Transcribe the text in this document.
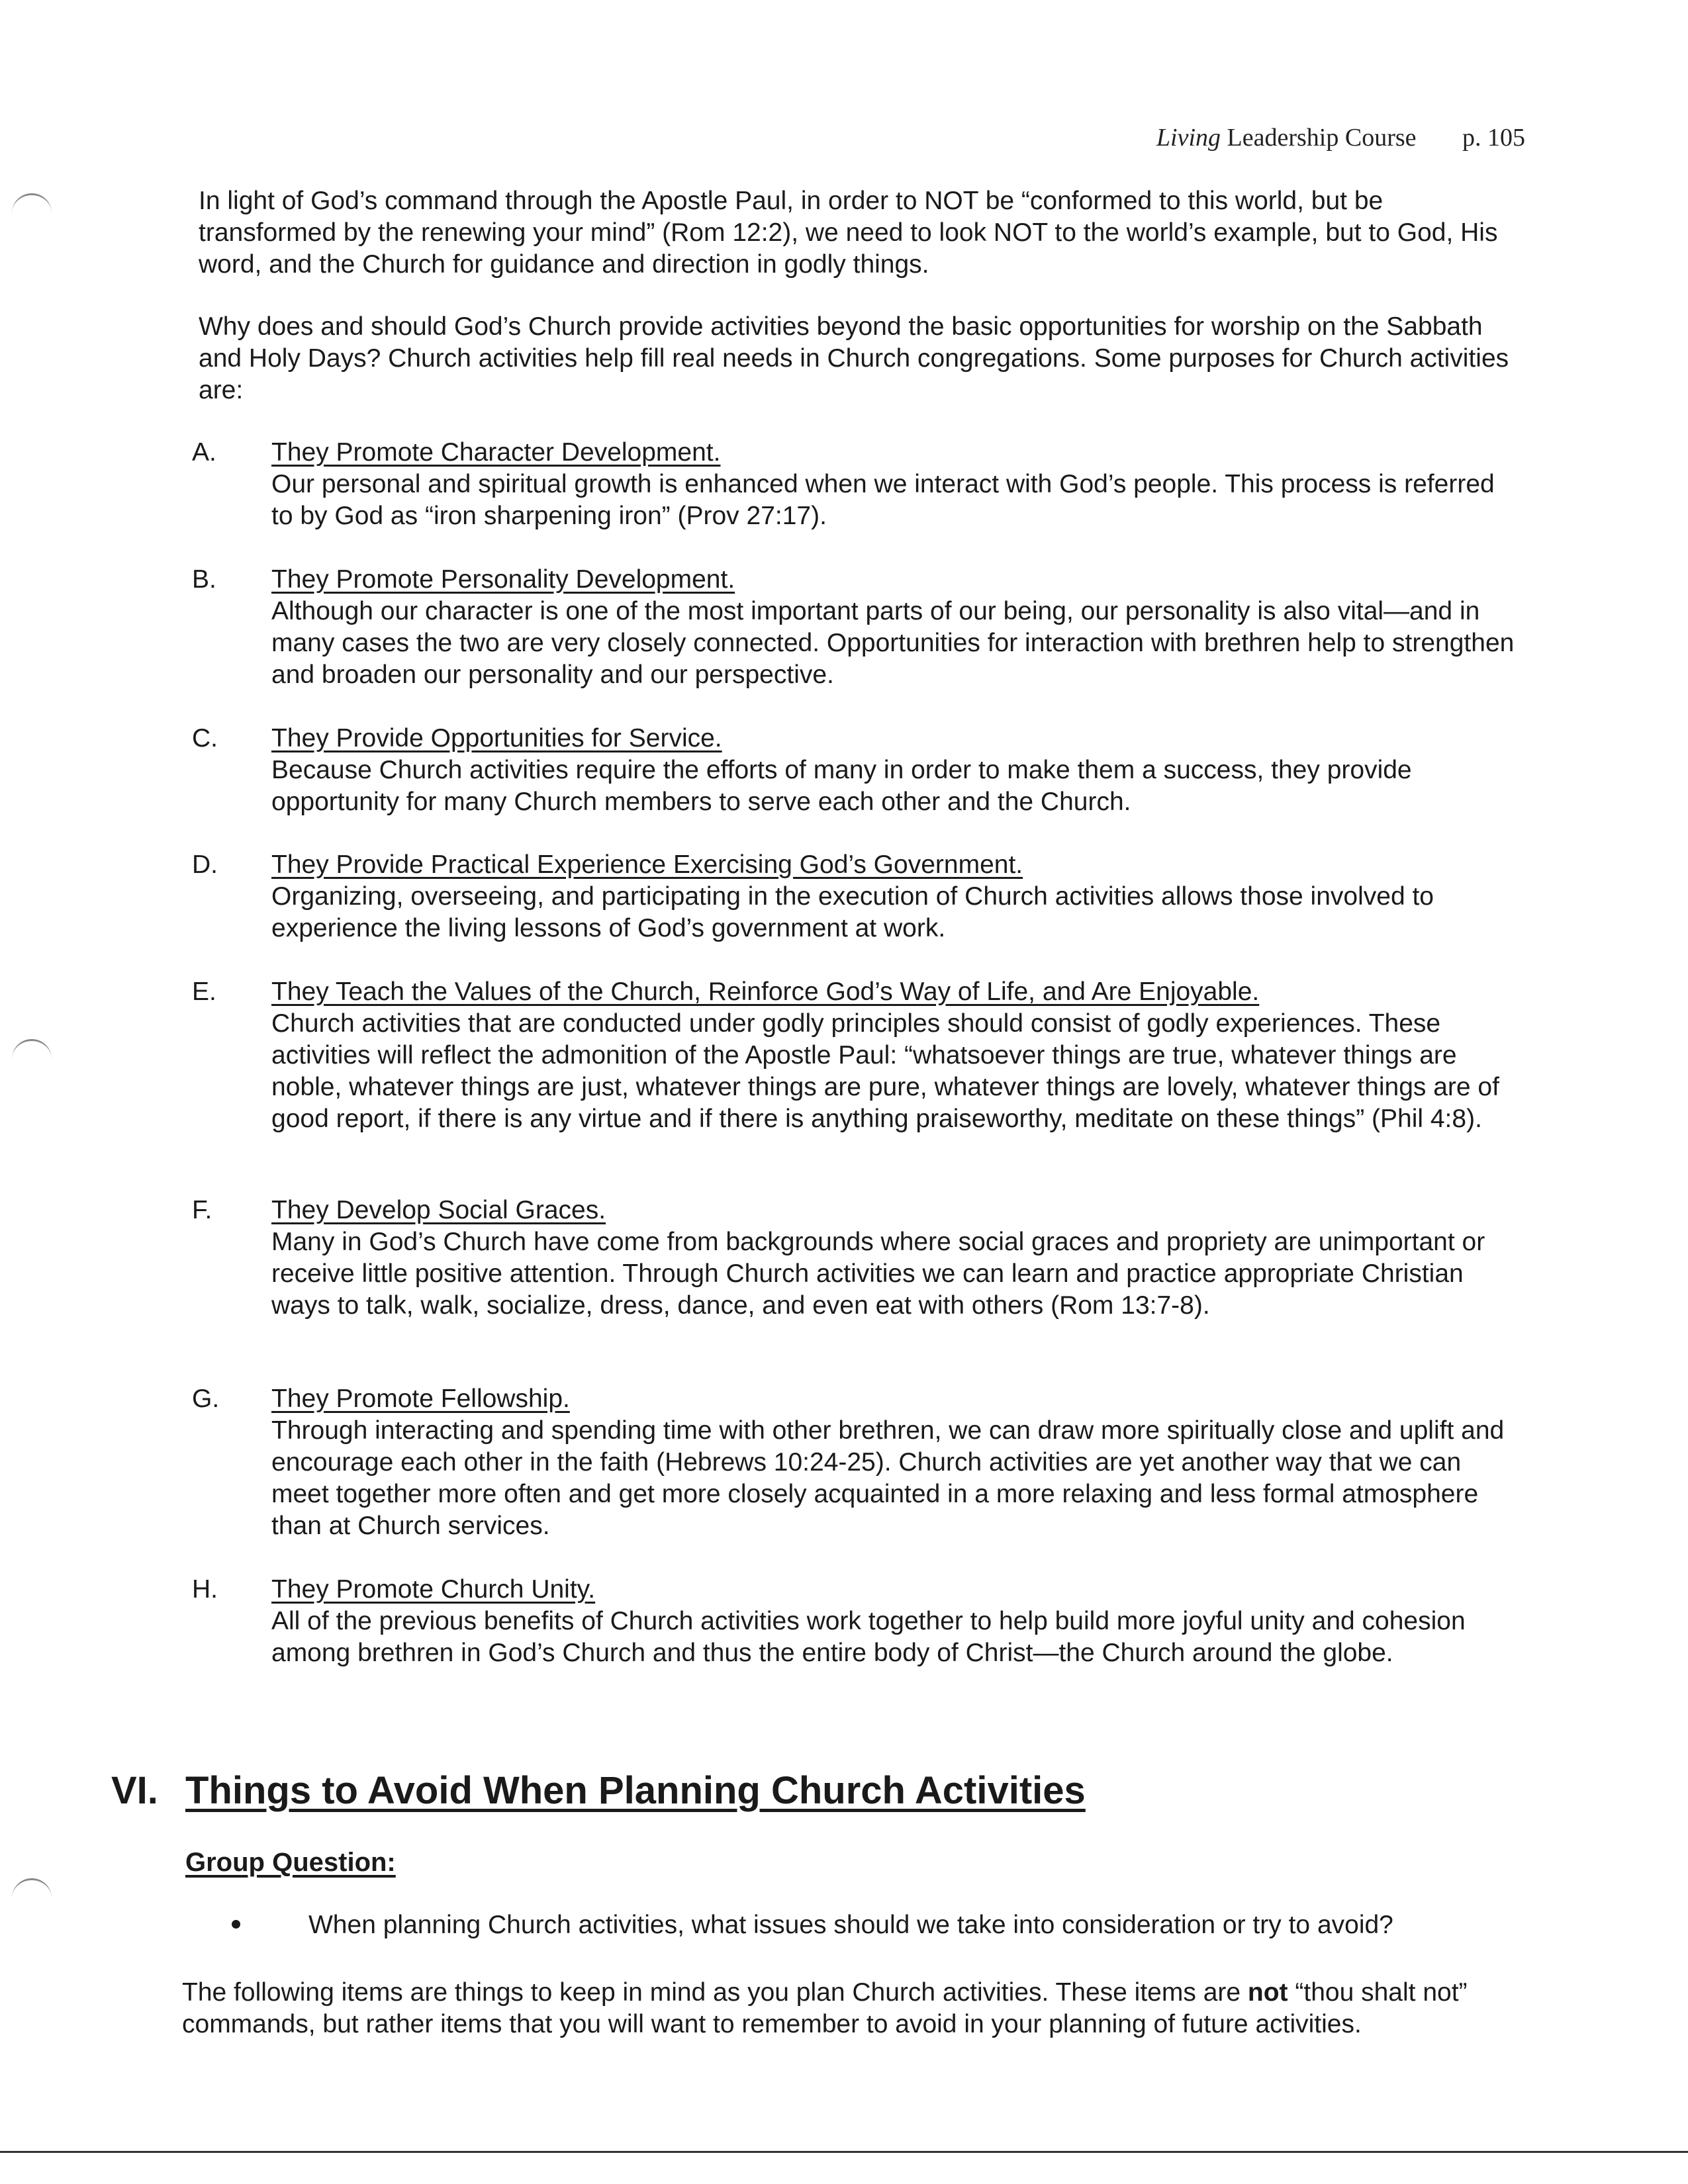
Living Leadership Course p. 105

In light of God’s command through the Apostle Paul, in order to NOT be “conformed to this world, but be transformed by the renewing your mind” (Rom 12:2), we need to look NOT to the world’s example, but to God, His word, and the Church for guidance and direction in godly things.

Why does and should God’s Church provide activities beyond the basic opportunities for worship on the Sabbath and Holy Days? Church activities help fill real needs in Church congregations. Some purposes for Church activities are:

A. They Promote Character Development.

Our personal and spiritual growth is enhanced when we interact with God’s people. This process is referred to by God as “iron sharpening iron” (Prov 27:17).

B. They Promote Personality Development.

Although our character is one of the most important parts of our being, our personality is also vital—and in many cases the two are very closely connected. Opportunities for interaction with brethren help to strengthen and broaden our personality and our perspective.

C. They Provide Opportunities for Service.

Because Church activities require the efforts of many in order to make them a success, they provide opportunity for many Church members to serve each other and the Church.

D. They Provide Practical Experience Exercising God’s Government.

Organizing, overseeing, and participating in the execution of Church activities allows those involved to experience the living lessons of God’s government at work.

E. They Teach the Values of the Church, Reinforce God’s Way of Life, and Are Enjoyable.

Church activities that are conducted under godly principles should consist of godly experiences. These activities will reflect the admonition of the Apostle Paul: “whatsoever things are true, whatever things are noble, whatever things are just, whatever things are pure, whatever things are lovely, whatever things are of good report, if there is any virtue and if there is anything praiseworthy, meditate on these things” (Phil 4:8).

F. They Develop Social Graces.

Many in God’s Church have come from backgrounds where social graces and propriety are unimportant or receive little positive attention. Through Church activities we can learn and practice appropriate Christian ways to talk, walk, socialize, dress, dance, and even eat with others (Rom 13:7-8).

G. They Promote Fellowship.

Through interacting and spending time with other brethren, we can draw more spiritually close and uplift and encourage each other in the faith (Hebrews 10:24-25). Church activities are yet another way that we can meet together more often and get more closely acquainted in a more relaxing and less formal atmosphere than at Church services.

H. They Promote Church Unity.

All of the previous benefits of Church activities work together to help build more joyful unity and cohesion among brethren in God’s Church and thus the entire body of Christ—the Church around the globe.

VI. Things to Avoid When Planning Church Activities
Group Question:
When planning Church activities, what issues should we take into consideration or try to avoid?

The following items are things to keep in mind as you plan Church activities. These items are not “thou shalt not” commands, but rather items that you will want to remember to avoid in your planning of future activities.
